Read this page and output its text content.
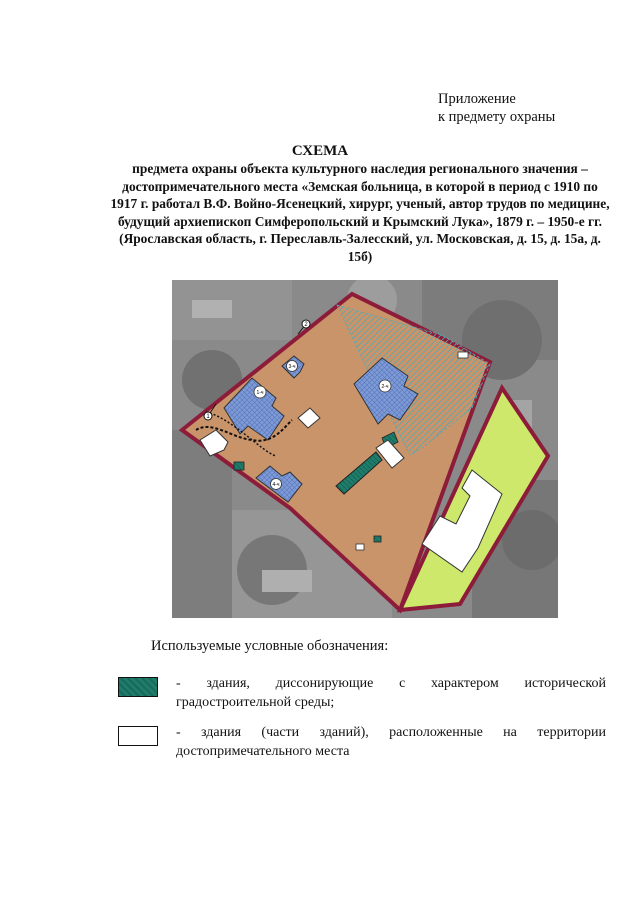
Приложение
к предмету охраны
СХЕМА
предмета охраны объекта культурного наследия регионального значения – достопримечательного места «Земская больница, в которой в период с 1910 по 1917 г. работал В.Ф. Войно-Ясенецкий, хирург, ученый, автор трудов по медицине, будущий архиепископ Симферопольский и Крымский Лука», 1879 г. – 1950-е гг. (Ярославская область, г. Переславль-Залесский, ул. Московская, д. 15, д. 15а, д. 15б)
1-ч
2-ч
3-ч
4-ч
1
2
Используемые условные обозначения:
- здания, диссонирующие с характером исторической градостроительной среды;
- здания (части зданий), расположенные на территории достопримечательного места
